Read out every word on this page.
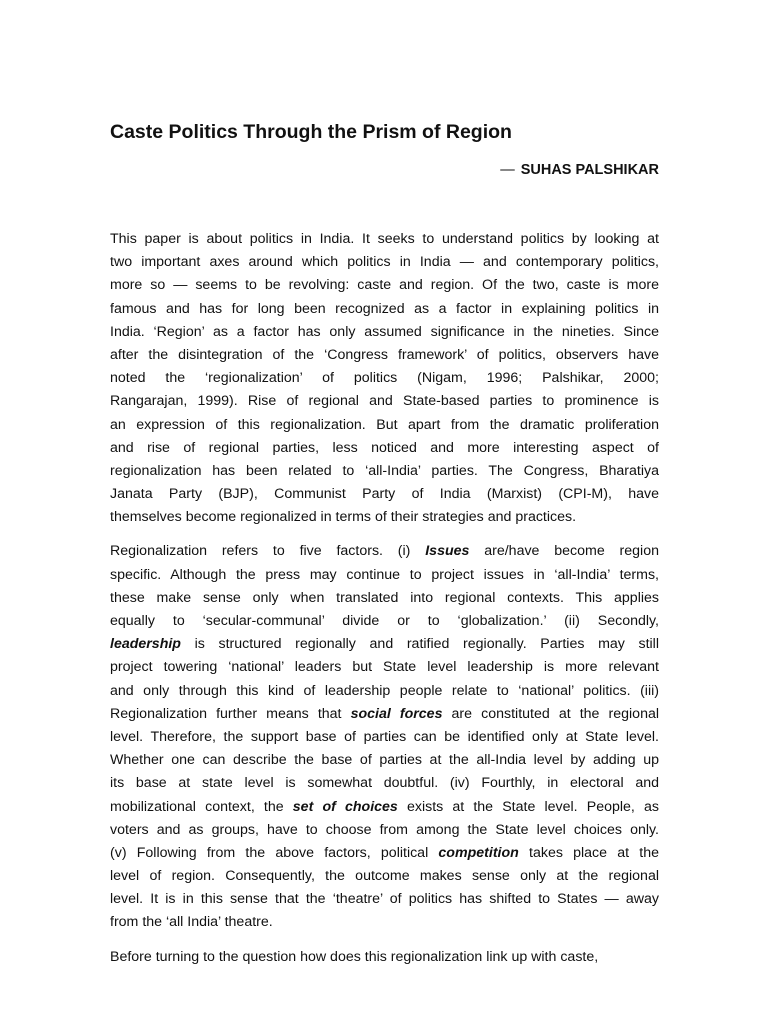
Caste Politics Through the Prism of Region
— SUHAS PALSHIKAR
This paper is about politics in India. It seeks to understand politics by looking at
two important axes around which politics in India — and contemporary politics,
more so — seems to be revolving: caste and region. Of the two, caste is more
famous and has for long been recognized as a factor in explaining politics in
India. ‘Region’ as a factor has only assumed significance in the nineties. Since
after the disintegration of the ‘Congress framework’ of politics, observers have
noted the ‘regionalization’ of politics (Nigam, 1996; Palshikar, 2000;
Rangarajan, 1999). Rise of regional and State-based parties to prominence is
an expression of this regionalization. But apart from the dramatic proliferation
and rise of regional parties, less noticed and more interesting aspect of
regionalization has been related to ‘all-India’ parties. The Congress, Bharatiya
Janata Party (BJP), Communist Party of India (Marxist) (CPI-M), have
themselves become regionalized in terms of their strategies and practices.
Regionalization refers to five factors. (i) Issues are/have become region
specific. Although the press may continue to project issues in ‘all-India’ terms,
these make sense only when translated into regional contexts. This applies
equally to ‘secular-communal’ divide or to ‘globalization.’ (ii) Secondly,
leadership is structured regionally and ratified regionally. Parties may still
project towering ‘national’ leaders but State level leadership is more relevant
and only through this kind of leadership people relate to ‘national’ politics. (iii)
Regionalization further means that social forces are constituted at the regional
level. Therefore, the support base of parties can be identified only at State level.
Whether one can describe the base of parties at the all-India level by adding up
its base at state level is somewhat doubtful. (iv) Fourthly, in electoral and
mobilizational context, the set of choices exists at the State level. People, as
voters and as groups, have to choose from among the State level choices only.
(v) Following from the above factors, political competition takes place at the
level of region. Consequently, the outcome makes sense only at the regional
level. It is in this sense that the ‘theatre’ of politics has shifted to States — away
from the ‘all India’ theatre.
Before turning to the question how does this regionalization link up with caste,
